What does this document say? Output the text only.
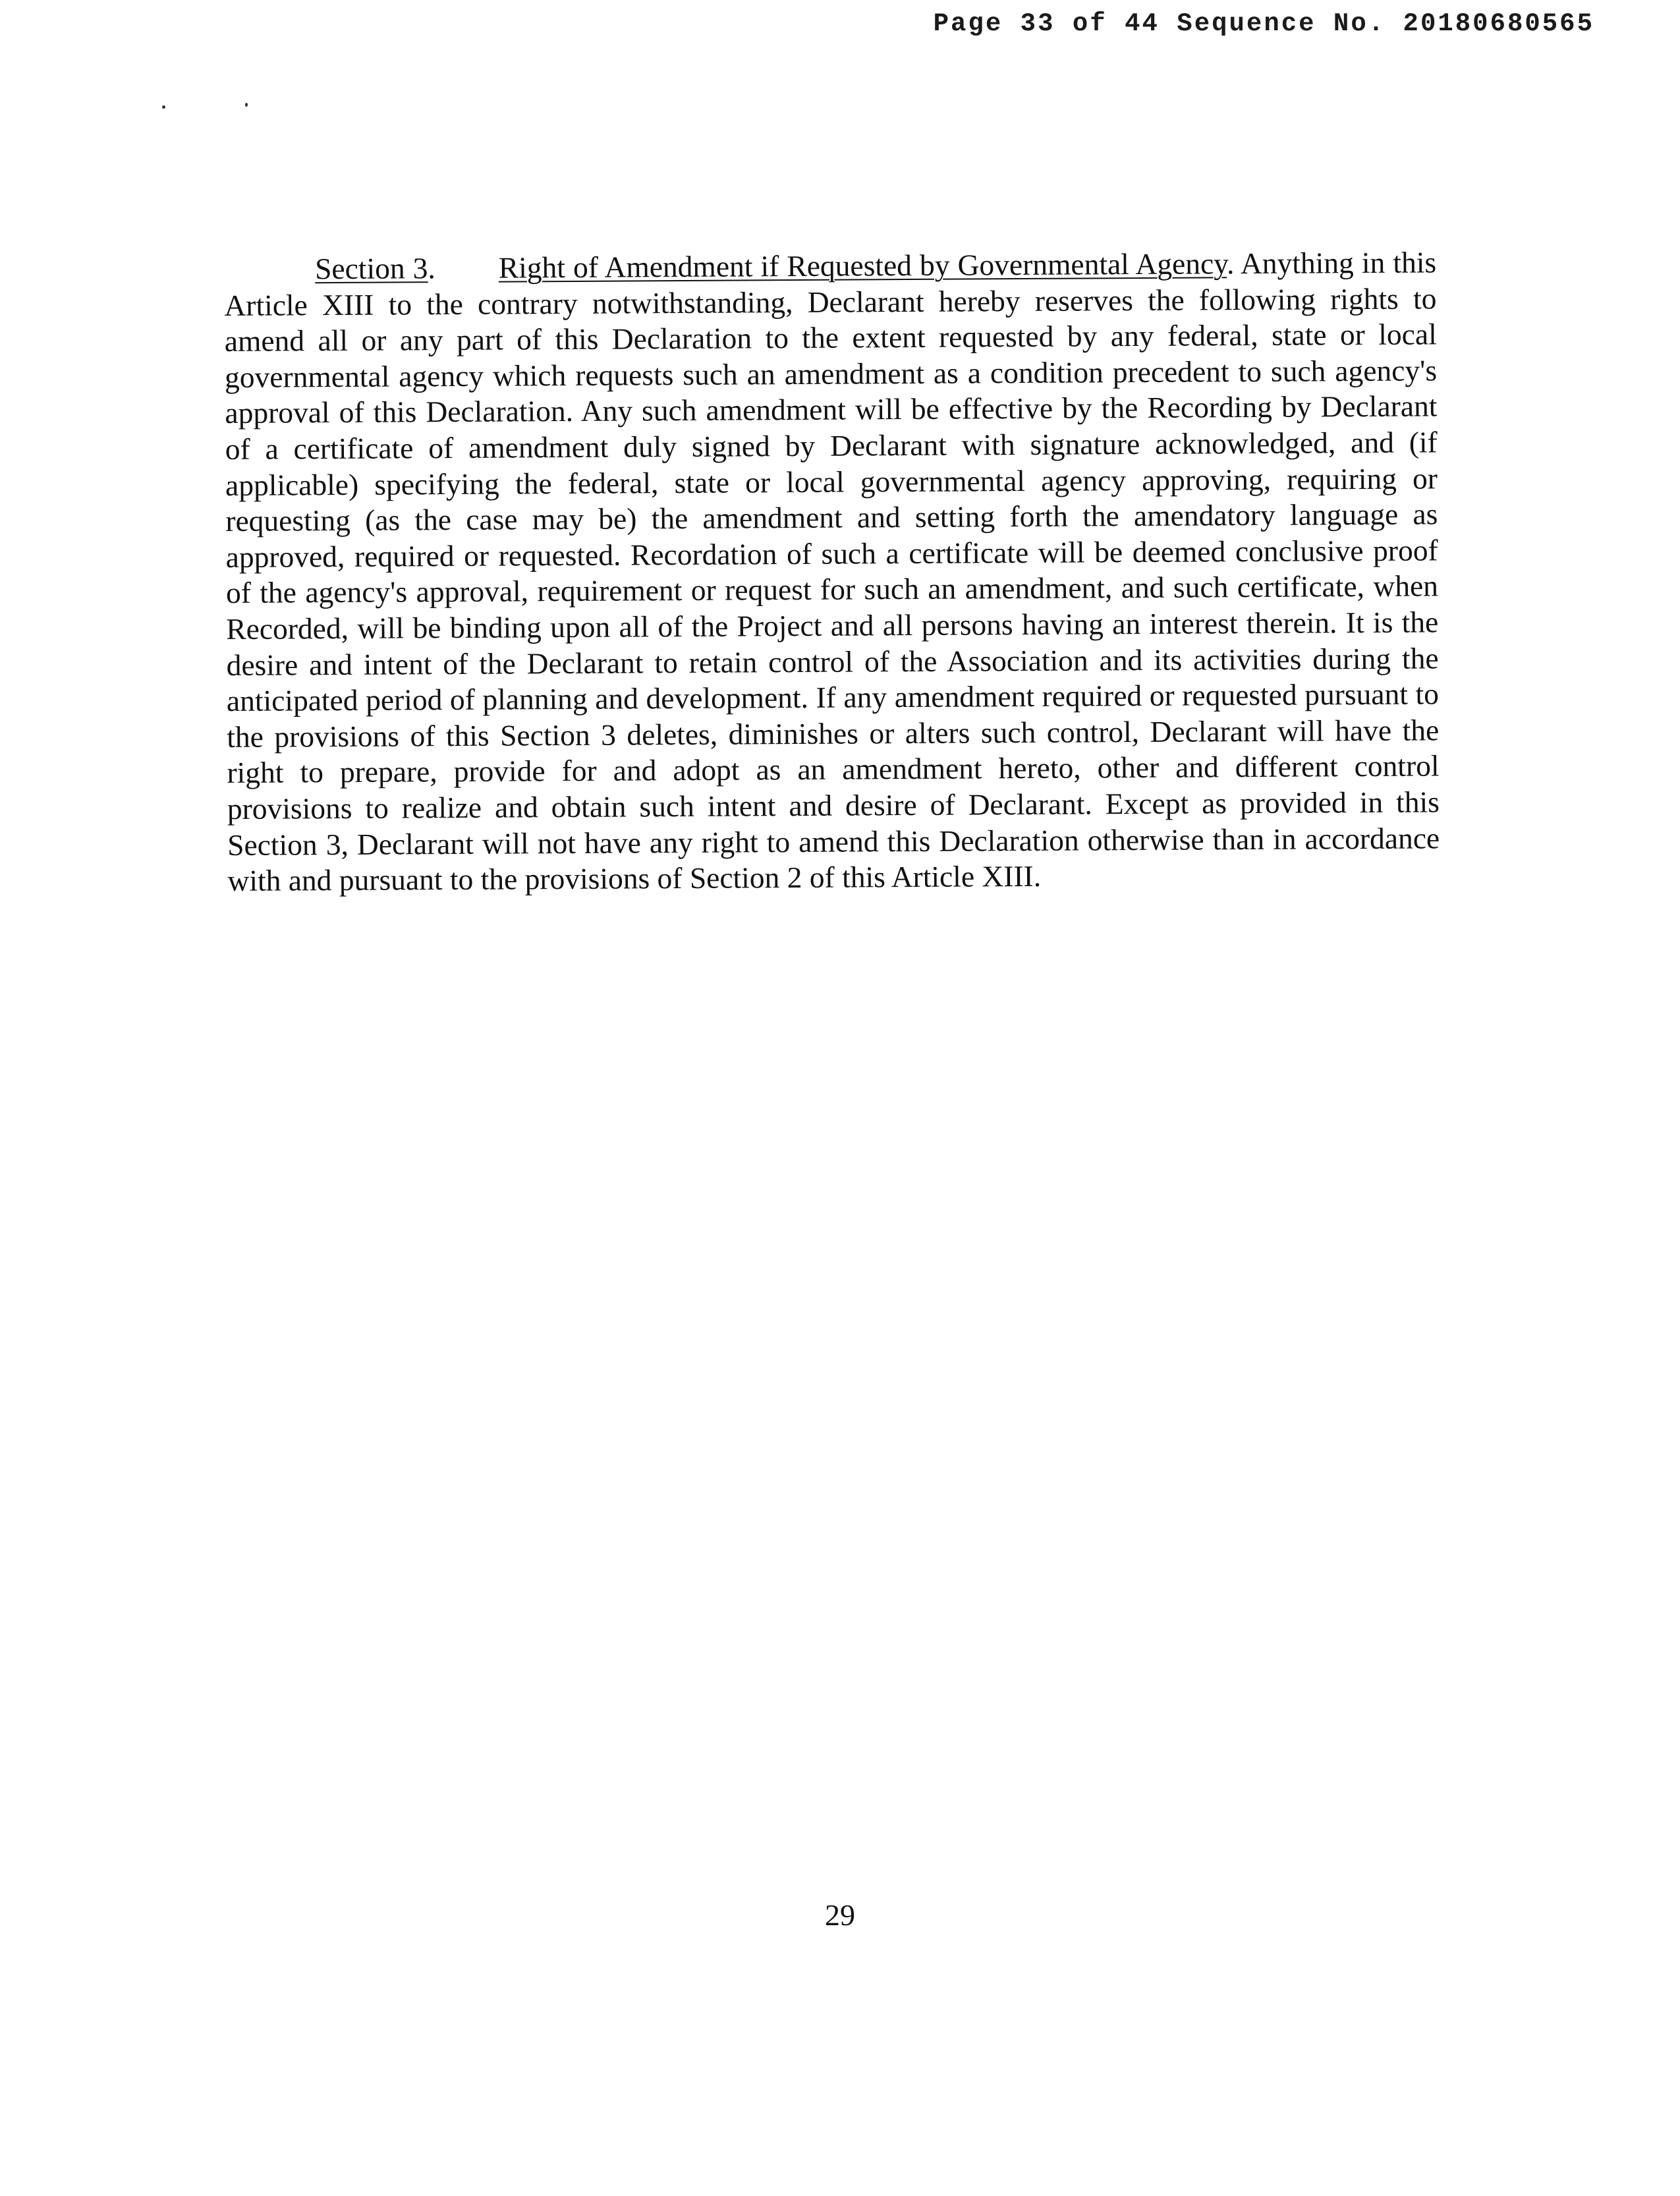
Page 33 of 44 Sequence No. 20180680565

Section 3. Right of Amendment if Requested by Governmental Agency. Anything in this Article XIII to the contrary notwithstanding, Declarant hereby reserves the following rights to amend all or any part of this Declaration to the extent requested by any federal, state or local governmental agency which requests such an amendment as a condition precedent to such agency's approval of this Declaration. Any such amendment will be effective by the Recording by Declarant of a certificate of amendment duly signed by Declarant with signature acknowledged, and (if applicable) specifying the federal, state or local governmental agency approving, requiring or requesting (as the case may be) the amendment and setting forth the amendatory language as approved, required or requested. Recordation of such a certificate will be deemed conclusive proof of the agency's approval, requirement or request for such an amendment, and such certificate, when Recorded, will be binding upon all of the Project and all persons having an interest therein. It is the desire and intent of the Declarant to retain control of the Association and its activities during the anticipated period of planning and development. If any amendment required or requested pursuant to the provisions of this Section 3 deletes, diminishes or alters such control, Declarant will have the right to prepare, provide for and adopt as an amendment hereto, other and different control provisions to realize and obtain such intent and desire of Declarant. Except as provided in this Section 3, Declarant will not have any right to amend this Declaration otherwise than in accordance with and pursuant to the provisions of Section 2 of this Article XIII.

29
